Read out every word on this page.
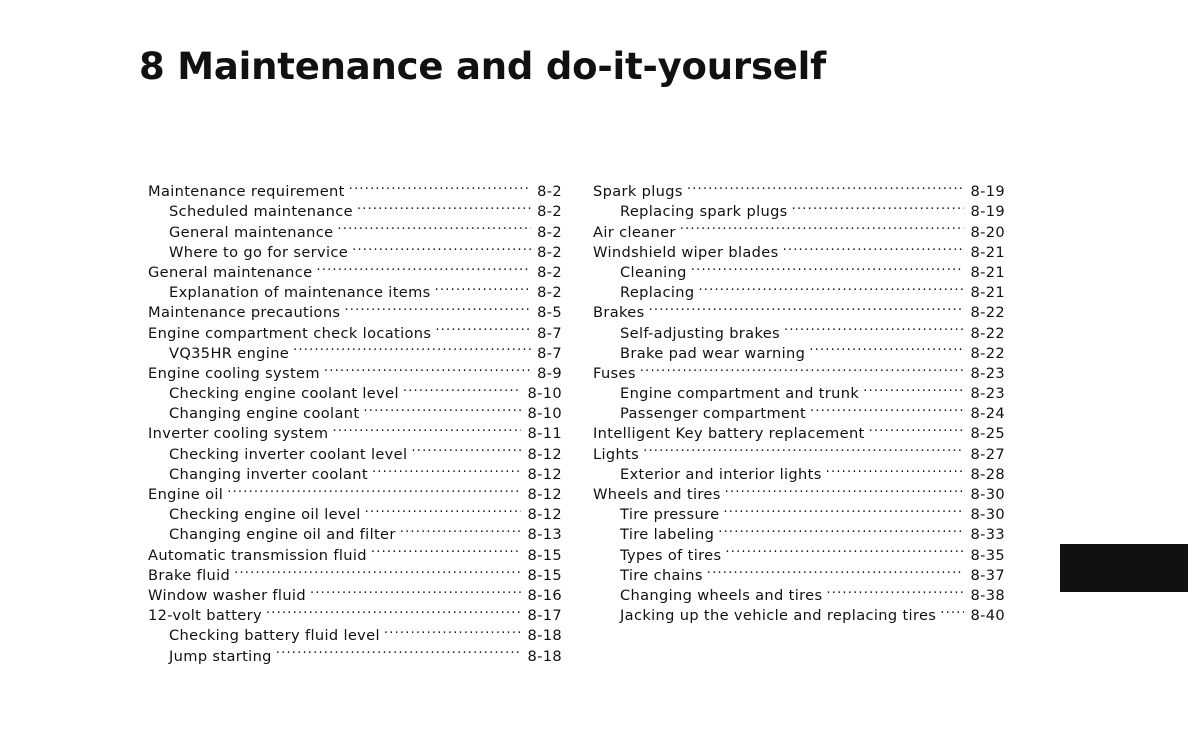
8 Maintenance and do-it-yourself
Maintenance requirement .....	8-2
Scheduled maintenance .....	8-2
General maintenance .....	8-2
Where to go for service .....	8-2
General maintenance .....	8-2
Explanation of maintenance items .....	8-2
Maintenance precautions .....	8-5
Engine compartment check locations .....	8-7
VQ35HR engine .....	8-7
Engine cooling system .....	8-9
Checking engine coolant level .....	8-10
Changing engine coolant .....	8-10
Inverter cooling system .....	8-11
Checking inverter coolant level .....	8-12
Changing inverter coolant .....	8-12
Engine oil .....	8-12
Checking engine oil level .....	8-12
Changing engine oil and filter .....	8-13
Automatic transmission fluid .....	8-15
Brake fluid .....	8-15
Window washer fluid .....	8-16
12-volt battery .....	8-17
Checking battery fluid level .....	8-18
Jump starting .....	8-18
Spark plugs .....	8-19
Replacing spark plugs .....	8-19
Air cleaner .....	8-20
Windshield wiper blades .....	8-21
Cleaning .....	8-21
Replacing .....	8-21
Brakes .....	8-22
Self-adjusting brakes .....	8-22
Brake pad wear warning .....	8-22
Fuses .....	8-23
Engine compartment and trunk .....	8-23
Passenger compartment .....	8-24
Intelligent Key battery replacement .....	8-25
Lights .....	8-27
Exterior and interior lights .....	8-28
Wheels and tires .....	8-30
Tire pressure .....	8-30
Tire labeling .....	8-33
Types of tires .....	8-35
Tire chains .....	8-37
Changing wheels and tires .....	8-38
Jacking up the vehicle and replacing tires ..... 8-40
